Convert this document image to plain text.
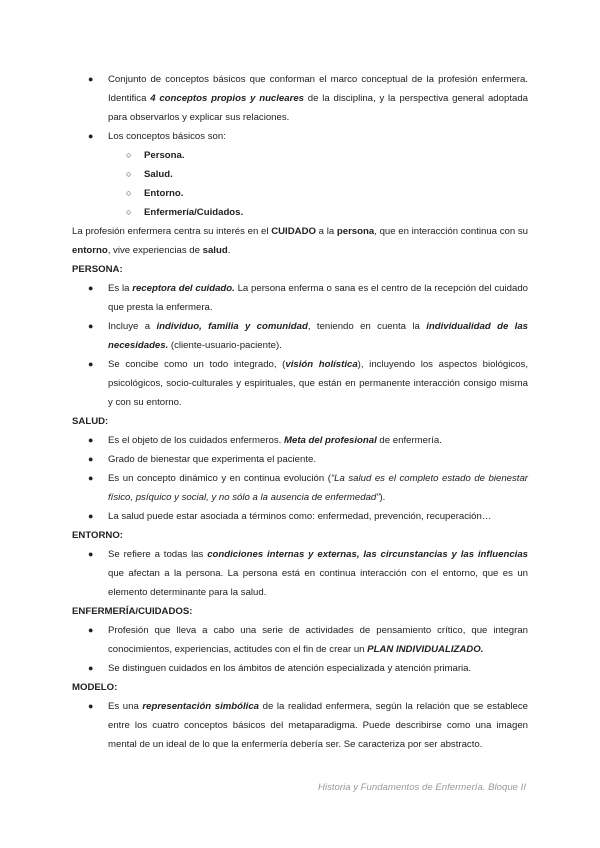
● Conjunto de conceptos básicos que conforman el marco conceptual de la profesión enfermera. Identifica 4 conceptos propios y nucleares de la disciplina, y la perspectiva general adoptada para observarlos y explicar sus relaciones.
● Los conceptos básicos son:
○ Persona.
○ Salud.
○ Entorno.
○ Enfermería/Cuidados.

La profesión enfermera centra su interés en el CUIDADO a la persona, que en interacción continua con su entorno, vive experiencias de salud.

PERSONA:
● Es la receptora del cuidado. La persona enferma o sana es el centro de la recepción del cuidado que presta la enfermera.
● Incluye a individuo, familia y comunidad, teniendo en cuenta la individualidad de las necesidades. (cliente-usuario-paciente).
● Se concibe como un todo integrado, (visión holística), incluyendo los aspectos biológicos, psicológicos, socio-culturales y espirituales, que están en permanente interacción consigo misma y con su entorno.
SALUD:
● Es el objeto de los cuidados enfermeros. Meta del profesional de enfermería.
● Grado de bienestar que experimenta el paciente.
● Es un concepto dinámico y en continua evolución (“La salud es el completo estado de bienestar físico, psíquico y social, y no sólo a la ausencia de enfermedad”).
● La salud puede estar asociada a términos como: enfermedad, prevención, recuperación…
ENTORNO:
● Se refiere a todas las condiciones internas y externas, las circunstancias y las influencias que afectan a la persona. La persona está en continua interacción con el entorno, que es un elemento determinante para la salud.
ENFERMERÍA/CUIDADOS:
● Profesión que lleva a cabo una serie de actividades de pensamiento crítico, que integran conocimientos, experiencias, actitudes con el fin de crear un PLAN INDIVIDUALIZADO.
● Se distinguen cuidados en los ámbitos de atención especializada y atención primaria.
MODELO:
● Es una representación simbólica de la realidad enfermera, según la relación que se establece entre los cuatro conceptos básicos del metaparadigma. Puede describirse como una imagen mental de un ideal de lo que la enfermería debería ser. Se caracteriza por ser abstracto.
Historia y Fundamentos de Enfermería. Bloque II
